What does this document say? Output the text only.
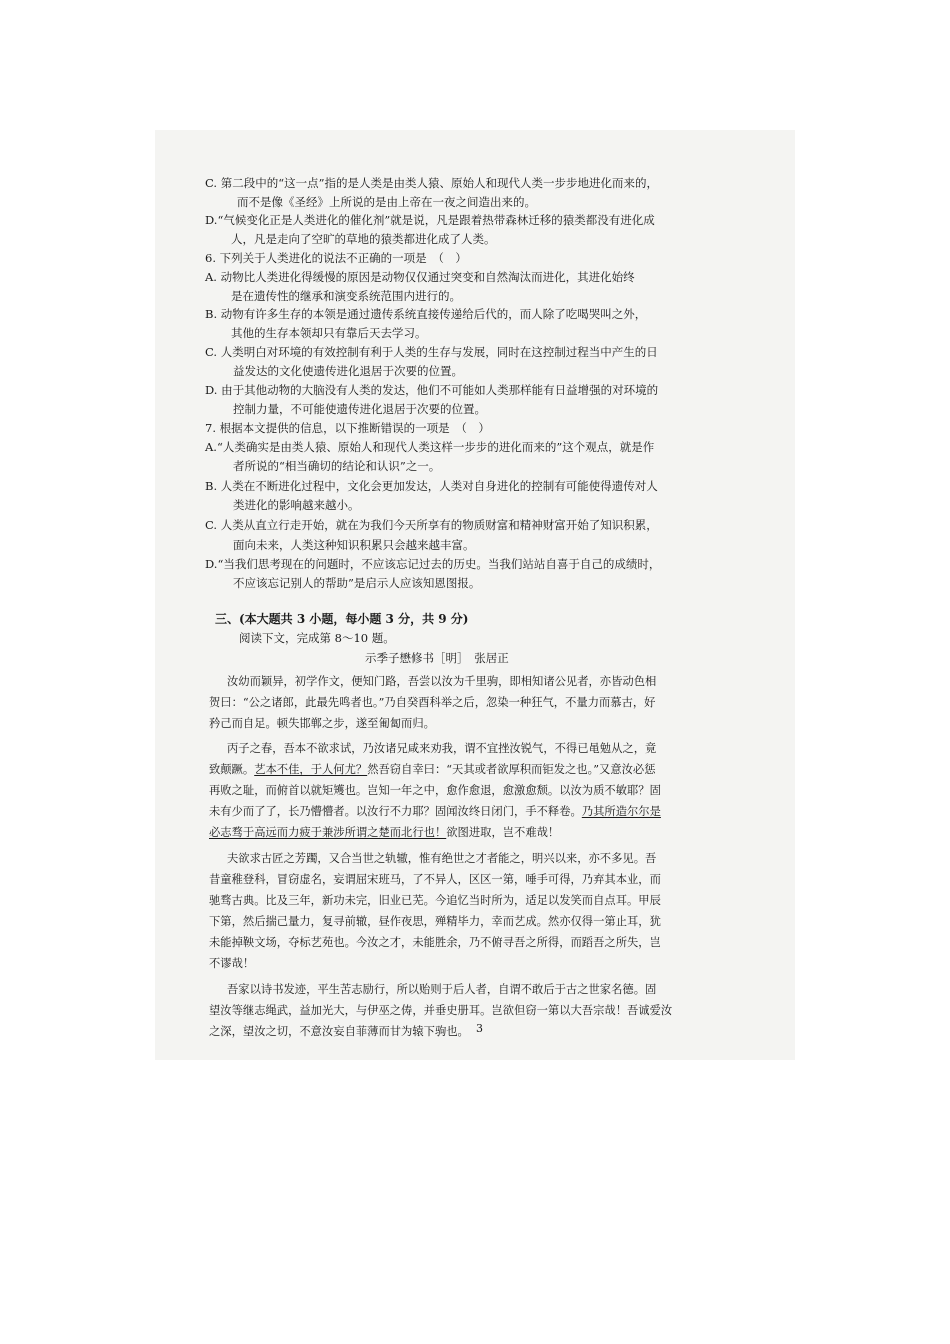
C. 第二段中的“这一点”指的是人类是由类人猿、原始人和现代人类一步步地进化而来的，
而不是像《圣经》上所说的是由上帝在一夜之间造出来的。
D.“气候变化正是人类进化的催化剂”就是说，凡是跟着热带森林迁移的猿类都没有进化成
人，凡是走向了空旷的草地的猿类都进化成了人类。
6. 下列关于人类进化的说法不正确的一项是　（　）
A. 动物比人类进化得缓慢的原因是动物仅仅通过突变和自然淘汰而进化，其进化始终
是在遗传性的继承和演变系统范围内进行的。
B. 动物有许多生存的本领是通过遗传系统直接传递给后代的，而人除了吃喝哭叫之外，
其他的生存本领却只有靠后天去学习。
C. 人类明白对环境的有效控制有利于人类的生存与发展，同时在这控制过程当中产生的日
益发达的文化使遗传进化退居于次要的位置。
D. 由于其他动物的大脑没有人类的发达，他们不可能如人类那样能有日益增强的对环境的
控制力量，不可能使遗传进化退居于次要的位置。
7. 根据本文提供的信息，以下推断错误的一项是　（　）
A.“人类确实是由类人猿、原始人和现代人类这样一步步的进化而来的”这个观点，就是作
者所说的“相当确切的结论和认识”之一。
B. 人类在不断进化过程中，文化会更加发达，人类对自身进化的控制有可能使得遗传对人
类进化的影响越来越小。
C. 人类从直立行走开始，就在为我们今天所享有的物质财富和精神财富开始了知识积累，
面向未来，人类这种知识积累只会越来越丰富。
D.“当我们思考现在的问题时，不应该忘记过去的历史。当我们站站自喜于自己的成绩时，
不应该忘记别人的帮助”是启示人应该知恩图报。
三、(本大题共 3 小题，每小题 3 分，共 9 分)
阅读下文，完成第 8～10 题。
示季子懋修书［明］　张居正
汝幼而颖异，初学作文，便知门路，吾尝以汝为千里驹，即相知诸公见者，亦皆动色相
贺曰：“公之诸郎，此最先鸣者也。”乃自癸酉科举之后，忽染一种狂气，不量力而慕古，好
矜己而自足。顿失邯郸之步，遂至匍匐而归。
丙子之春，吾本不欲求试，乃汝诸兄咸来劝我，谓不宜挫汝锐气，不得已黾勉从之，竟
致颠蹶。艺本不佳，于人何尤？然吾窃自幸曰：“天其或者欲厚积而钜发之也。”又意汝必惩
再败之耻，而俯首以就矩矱也。岂知一年之中，愈作愈退，愈激愈颓。以汝为质不敏耶？固
未有少而了了，长乃懵懵者。以汝行不力耶？固闻汝终日闭门，手不释卷。乃其所造尔尔是
必志骛于高远而力疲于兼涉所谓之楚而北行也！欲图进取，岂不难哉！
夫欲求古匠之芳躅，又合当世之轨辙，惟有绝世之才者能之，明兴以来，亦不多见。吾
昔童稚登科，冒窃虚名，妄谓屈宋班马，了不异人，区区一第，唾手可得，乃弃其本业，而
驰骛古典。比及三年，新功未完，旧业已芜。今追忆当时所为，适足以发笑而自点耳。甲辰
下第，然后揣己量力，复寻前辙，昼作夜思，殚精毕力，幸而艺成。然亦仅得一第止耳，犹
未能掉鞅文场，夺标艺苑也。今汝之才，未能胜余，乃不俯寻吾之所得，而蹈吾之所失，岂
不谬哉！
吾家以诗书发迹，平生苦志励行，所以贻则于后人者，自谓不敢后于古之世家名德。固
望汝等继志绳武，益加光大，与伊巫之俦，并垂史册耳。岂欲但窃一第以大吾宗哉！吾诚爱汝
之深，望汝之切，不意汝妄自菲薄而甘为辕下驹也。 3
